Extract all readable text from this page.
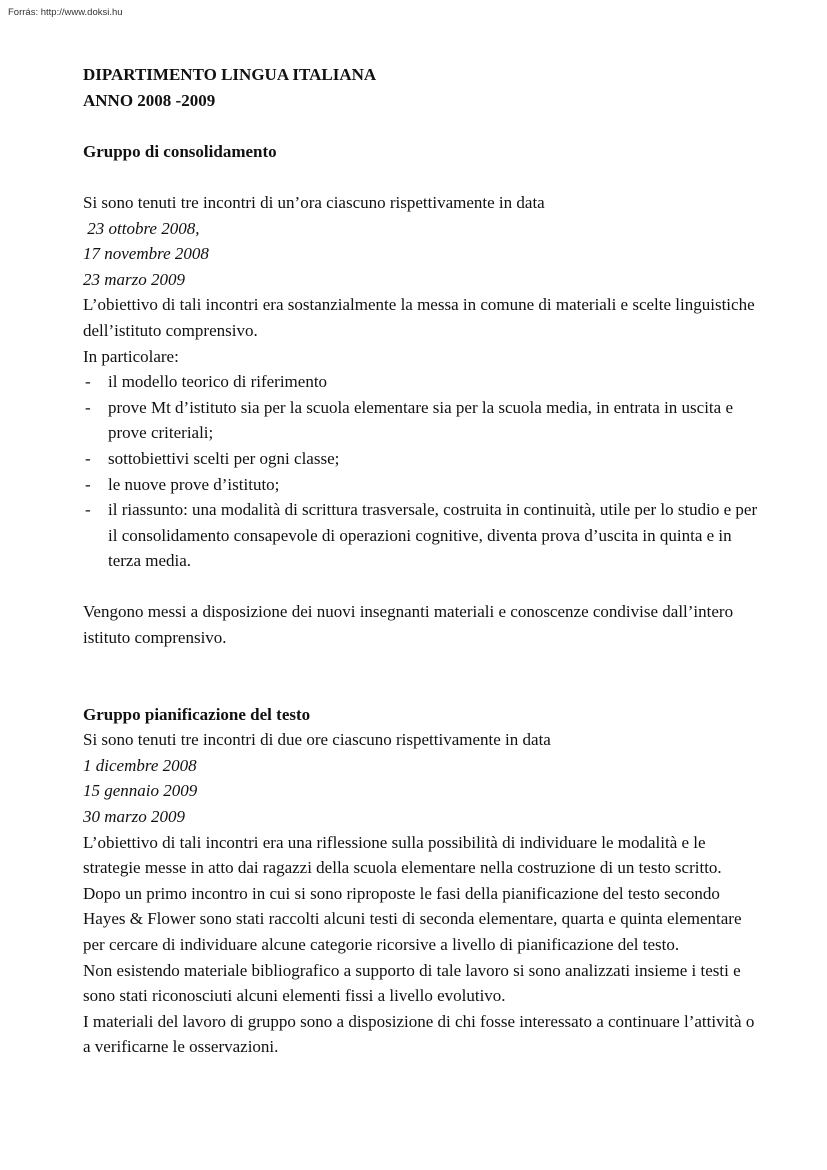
Forrás: http://www.doksi.hu

DIPARTIMENTO LINGUA ITALIANA

ANNO 2008 -2009

Gruppo di consolidamento

Si sono tenuti tre incontri di un’ora ciascuno rispettivamente in data

23 ottobre 2008,

17 novembre 2008

23 marzo 2009

L’obiettivo di tali incontri era sostanzialmente la messa in comune di materiali e scelte linguistiche dell’istituto comprensivo.

In particolare:

- il modello teorico di riferimento
- prove Mt d’istituto sia per la scuola elementare sia per la scuola media, in entrata in uscita e prove criteriali;
- sottobiettivi scelti per ogni classe;
- le nuove prove d’istituto;
- il riassunto: una modalità di scrittura trasversale, costruita in continuità, utile per lo studio e per il consolidamento consapevole di operazioni cognitive, diventa prova d’uscita in quinta e in terza media.

Vengono messi a disposizione dei nuovi insegnanti materiali e conoscenze condivise dall’intero istituto comprensivo.

Gruppo pianificazione del testo

Si sono tenuti tre incontri di due ore ciascuno rispettivamente in data

1 dicembre 2008

15 gennaio 2009

30 marzo 2009

L’obiettivo di tali incontri era una riflessione sulla possibilità di individuare le modalità e le strategie messe in atto dai ragazzi della scuola elementare nella costruzione di un testo scritto.

Dopo un primo incontro in cui si sono riproposte le fasi della pianificazione del testo secondo Hayes & Flower sono stati raccolti alcuni testi di seconda elementare, quarta e quinta elementare per cercare di individuare alcune categorie ricorsive a livello di pianificazione del testo.

Non esistendo materiale bibliografico a supporto di tale lavoro si sono analizzati insieme i testi e sono stati riconosciuti alcuni elementi fissi a livello evolutivo.

I materiali del lavoro di gruppo sono a disposizione di chi fosse interessato a continuare l’attività o a verificarne le osservazioni.
